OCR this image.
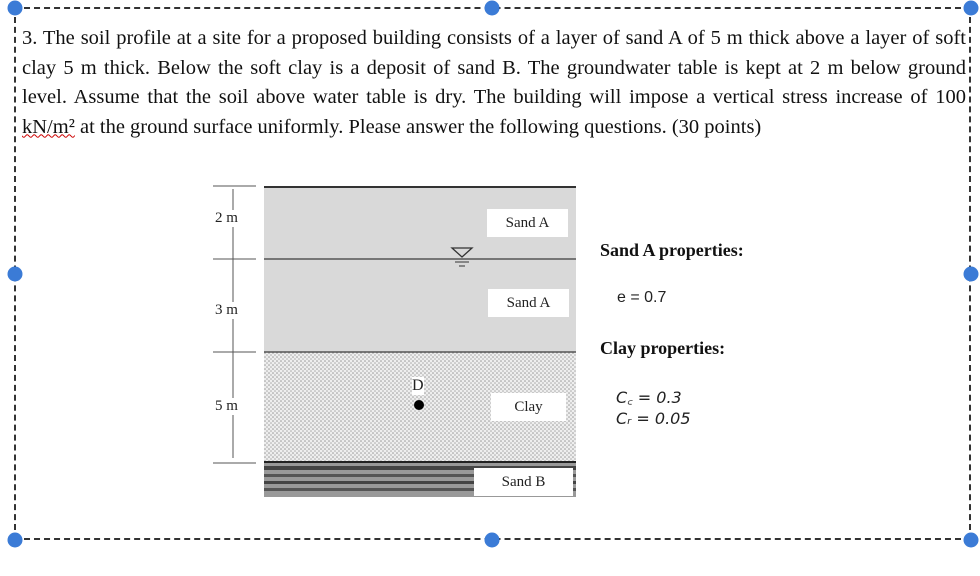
3. The soil profile at a site for a proposed building consists of a layer of sand A of 5 m thick above a layer of soft clay 5 m thick. Below the soft clay is a deposit of sand B. The groundwater table is kept at 2 m below ground level. Assume that the soil above water table is dry. The building will impose a vertical stress increase of 100 kN/m² at the ground surface uniformly. Please answer the following questions. (30 points)
2 m
3 m
5 m
Sand A
Sand A
Clay
Sand B
D
Sand A properties:
e = 0.7
Clay properties:
C꜀ = 0.3
Cᵣ = 0.05
